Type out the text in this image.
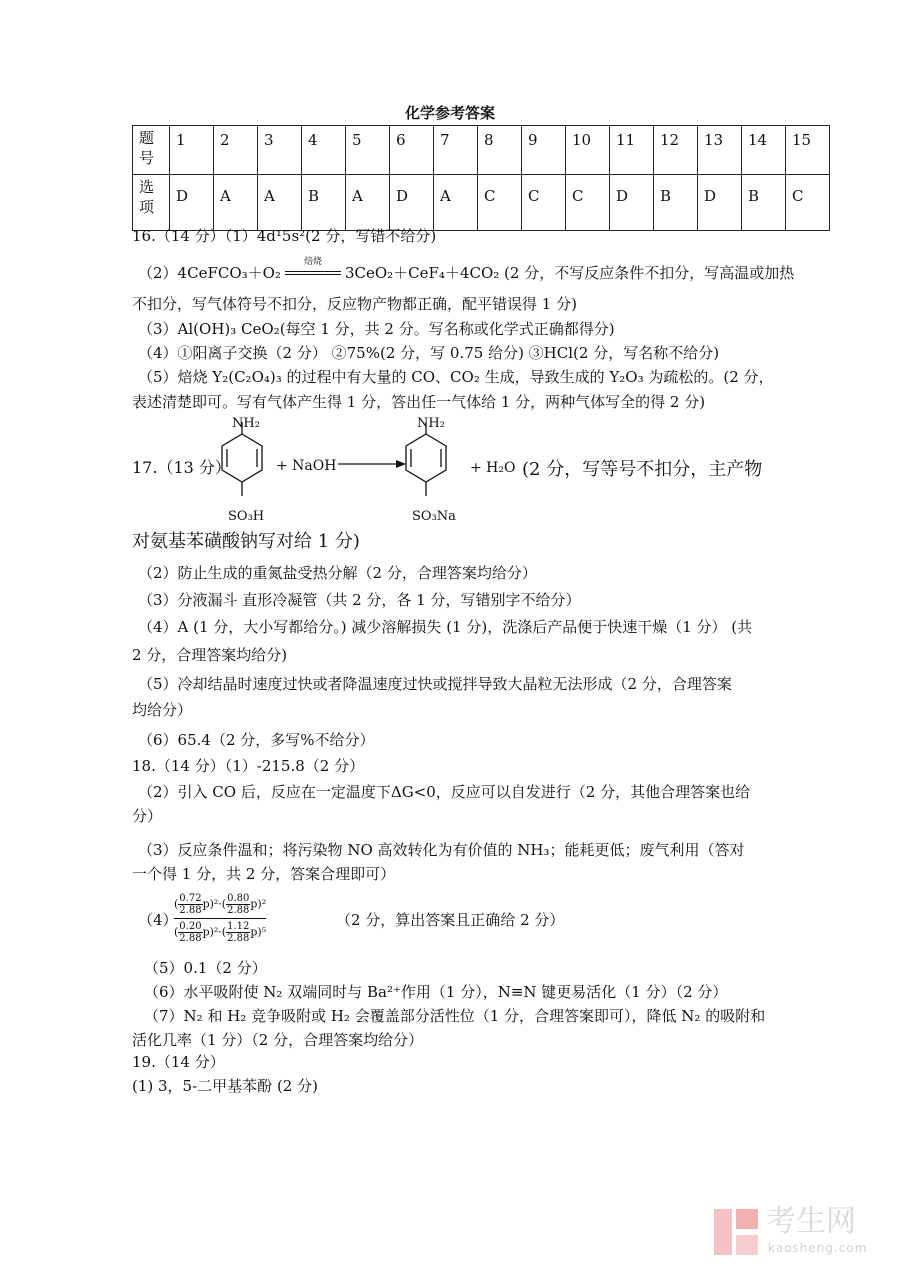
化学参考答案
题
号	1	2	3	4	5	6	7	8	9	10	11	12	13	14	15
选
项	D	A	A	B	A	D	A	C	C	C	D	B	D	B	C
16.（14 分）（1）4d¹5s²(2 分，写错不给分)
（2）4CeFCO₃＋O₂
焙烧
3CeO₂＋CeF₄＋4CO₂ (2 分，不写反应条件不扣分，写高温或加热
不扣分，写气体符号不扣分，反应物产物都正确，配平错误得 1 分)
（3）Al(OH)₃ CeO₂(每空 1 分，共 2 分。写名称或化学式正确都得分)
（4）①阳离子交换（2 分） ②75%(2 分，写 0.75 给分) ③HCl(2 分，写名称不给分)
（5）焙烧 Y₂(C₂O₄)₃ 的过程中有大量的 CO、CO₂ 生成，导致生成的 Y₂O₃ 为疏松的。(2 分，
表述清楚即可。写有气体产生得 1 分，答出任一气体给 1 分，两种气体写全的得 2 分)
17.（13 分）
NH₂
SO₃H
+ NaOH
NH₂
SO₃Na
+ H₂O (2 分，写等号不扣分，主产物
对氨基苯磺酸钠写对给 1 分)
（2）防止生成的重氮盐受热分解（2 分，合理答案均给分）
（3）分液漏斗 直形冷凝管（共 2 分，各 1 分，写错别字不给分）
（4）A (1 分，大小写都给分。) 减少溶解损失 (1 分)，洗涤后产品便于快速干燥（1 分） (共
2 分，合理答案均给分)
（5）冷却结晶时速度过快或者降温速度过快或搅拌导致大晶粒无法形成（2 分，合理答案
均给分）
（6）65.4（2 分，多写%不给分）
18.（14 分）（1）-215.8（2 分）
（2）引入 CO 后，反应在一定温度下ΔG<0，反应可以自发进行（2 分，其他合理答案也给
分）
（3）反应条件温和；将污染物 NO 高效转化为有价值的 NH₃；能耗更低；废气利用（答对
一个得 1 分，共 2 分，答案合理即可）
（4）
( $\frac{0.72}{2.88} p)^2\cdot( \frac{0.80}{2.88} p)^2$
( $\frac{0.20}{2.88} p)^2\cdot( \frac{1.12}{2.88} p)^5$
（2 分，算出答案且正确给 2 分）
（5）0.1（2 分）
（6）水平吸附使 N₂ 双端同时与 Ba²⁺作用（1 分），N≡N 键更易活化（1 分）（2 分）
（7）N₂ 和 H₂ 竞争吸附或 H₂ 会覆盖部分活性位（1 分，合理答案即可），降低 N₂ 的吸附和
活化几率（1 分）（2 分，合理答案均给分）
19.（14 分）
(1) 3，5-二甲基苯酚 (2 分)
考生网
kaosheng.com
